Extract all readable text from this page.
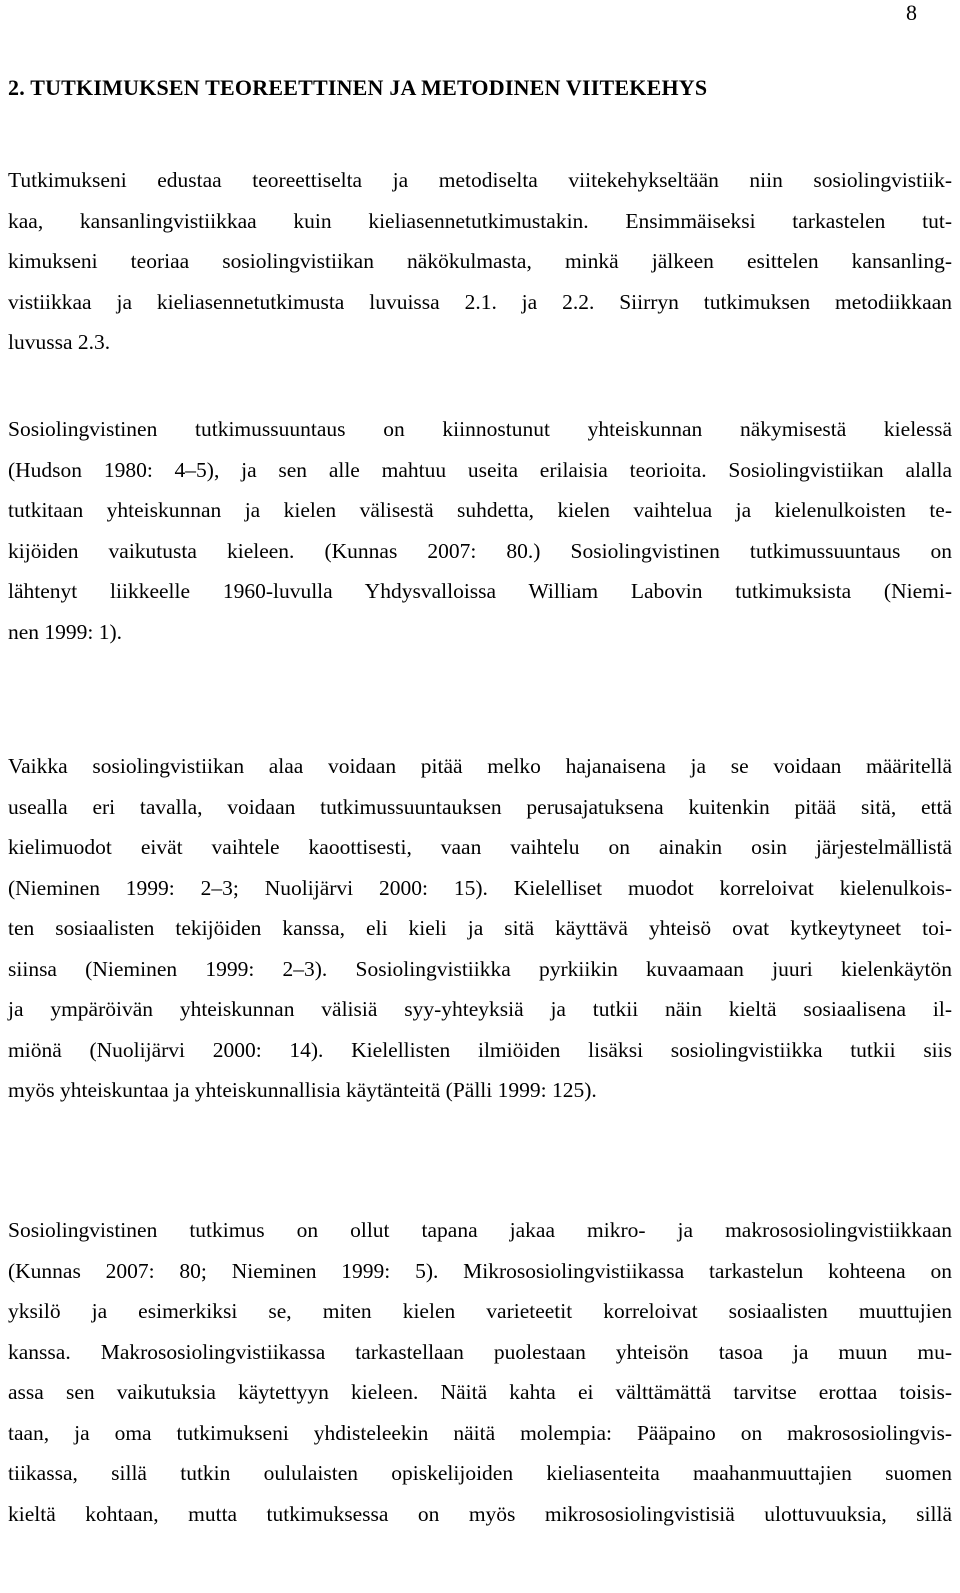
8
2. TUTKIMUKSEN TEOREETTINEN JA METODINEN VIITEKEHYS
Tutkimukseni edustaa teoreettiselta ja metodiselta viitekehykseltään niin sosiolingvistiik-
kaa, kansanlingvistiikkaa kuin kieliasennetutkimustakin. Ensimmäiseksi tarkastelen tut-
kimukseni teoriaa sosiolingvistiikan näkökulmasta, minkä jälkeen esittelen kansanling-
vistiikkaa ja kieliasennetutkimusta luvuissa 2.1. ja 2.2. Siirryn tutkimuksen metodiikkaan
luvussa 2.3.
Sosiolingvistinen tutkimussuuntaus on kiinnostunut yhteiskunnan näkymisestä kielessä
(Hudson 1980: 4–5), ja sen alle mahtuu useita erilaisia teorioita. Sosiolingvistiikan alalla
tutkitaan yhteiskunnan ja kielen välisestä suhdetta, kielen vaihtelua ja kielenulkoisten te-
kijöiden vaikutusta kieleen. (Kunnas 2007: 80.) Sosiolingvistinen tutkimussuuntaus on
lähtenyt liikkeelle 1960-luvulla Yhdysvalloissa William Labovin tutkimuksista (Niemi-
nen 1999: 1).
Vaikka sosiolingvistiikan alaa voidaan pitää melko hajanaisena ja se voidaan määritellä
usealla eri tavalla, voidaan tutkimussuuntauksen perusajatuksena kuitenkin pitää sitä, että
kielimuodot eivät vaihtele kaoottisesti, vaan vaihtelu on ainakin osin järjestelmällistä
(Nieminen 1999: 2–3; Nuolijärvi 2000: 15). Kielelliset muodot korreloivat kielenulkois-
ten sosiaalisten tekijöiden kanssa, eli kieli ja sitä käyttävä yhteisö ovat kytkeytyneet toi-
siinsa (Nieminen 1999: 2–3). Sosiolingvistiikka pyrkiikin kuvaamaan juuri kielenkäytön
ja ympäröivän yhteiskunnan välisiä syy-yhteyksiä ja tutkii näin kieltä sosiaalisena il-
miönä (Nuolijärvi 2000: 14). Kielellisten ilmiöiden lisäksi sosiolingvistiikka tutkii siis
myös yhteiskuntaa ja yhteiskunnallisia käytänteitä (Pälli 1999: 125).
Sosiolingvistinen tutkimus on ollut tapana jakaa mikro- ja makrososiolingvistiikkaan
(Kunnas 2007: 80; Nieminen 1999: 5). Mikrososiolingvistiikassa tarkastelun kohteena on
yksilö ja esimerkiksi se, miten kielen varieteetit korreloivat sosiaalisten muuttujien
kanssa. Makrososiolingvistiikassa tarkastellaan puolestaan yhteisön tasoa ja muun mu-
assa sen vaikutuksia käytettyyn kieleen. Näitä kahta ei välttämättä tarvitse erottaa toisis-
taan, ja oma tutkimukseni yhdisteleekin näitä molempia: Pääpaino on makrososiolingvis-
tiikassa, sillä tutkin oululaisten opiskelijoiden kieliasenteita maahanmuuttajien suomen
kieltä kohtaan, mutta tutkimuksessa on myös mikrososiolingvistisiä ulottuvuuksia, sillä
